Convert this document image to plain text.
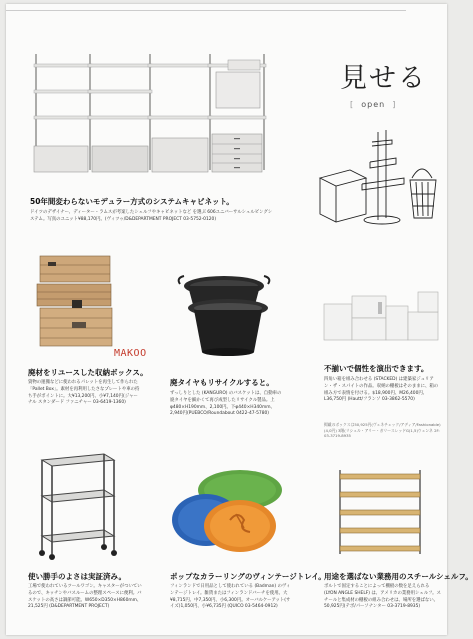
50年間変わらないモデュラー方式のシステムキャビネット。
ドイツのデザイナー、ディーター・ラムスが考案したシェルフやキャビネットなど を選ぶ 606ユニバーサルシェルビングシステム。写真のユニット¥88,170円。(ヴィツゥ/D&DEPARTMENT PROJECT 03-5752-0120)
見せる
[ open ]
MAKOO
廃材をリユースした収納ボックス。
資物の運搬などに使われるパレットを再生して作られた「Pallet Box」。素材を再利用したさなプレートや車の持ち手がポイントに。大¥13,200円、小¥7,140円(ジャーナル スタンダード ファニチャー 03-6419-1360)
廃タイヤもリサイクルすると。
ずっしりとした (KANGURO) のバスケットは、自動車の廃タイヤを細かくて再び成型したリサイクル製品。上φ480×H190mm、2,100円。下φ440×H340mm、2,940円(PUEBCO/Roundabout 0422-47-5780)
不揃いで個性を演出できます。
四角い箱を組み合わせる (STACKED) は建築家ジュリアン・ザ・スパイトの作品。収納の棚板はそのままに、箱の組み方で表情を付ける。$18,900円、M26,400円、L36,750円 (Hautt/フランソ 03-3862-5570)
掲載のボックスは50,925円(ヴェネチェック/アディア/Fashionable)(4,0円) 3階(リシェル・アリー・ガリースレッドG(1,5)ウェンネ 2F: 03-3719-8935
使い勝手のよさは実証済み。
工場で使われているツールワゴン。キャスターがついているので、キッチンやバスルームの整理スペースに便利。バスケットの高さは調節可能。W650×D350×H860mm、21,525円 (D&DEPARTMENT PROJECT)
ポップなカラーリングのヴィンテージトレイ。
フィンランドで日用品として使われている (Badman) のヴィンテージトレイ。雑貨またはフィンランドバーチを使用。大¥8,715円、中7,350円、小6,300円。オーバルケーアット(サイズ)1,050円、小¥6,735円 (QUICO 03-5464-0912)
用途を選ばない業務用のスチールシェルフ。
ボルトで固定することによって棚板の数を足えられる (LYON ANGLE SHELF) は、アメリカの業務用シェルフ。スチールと集成材の棚板の組み合わせは、場所を選ばない。50,925円(テボ/パーソナンター 03-3719-8935)
